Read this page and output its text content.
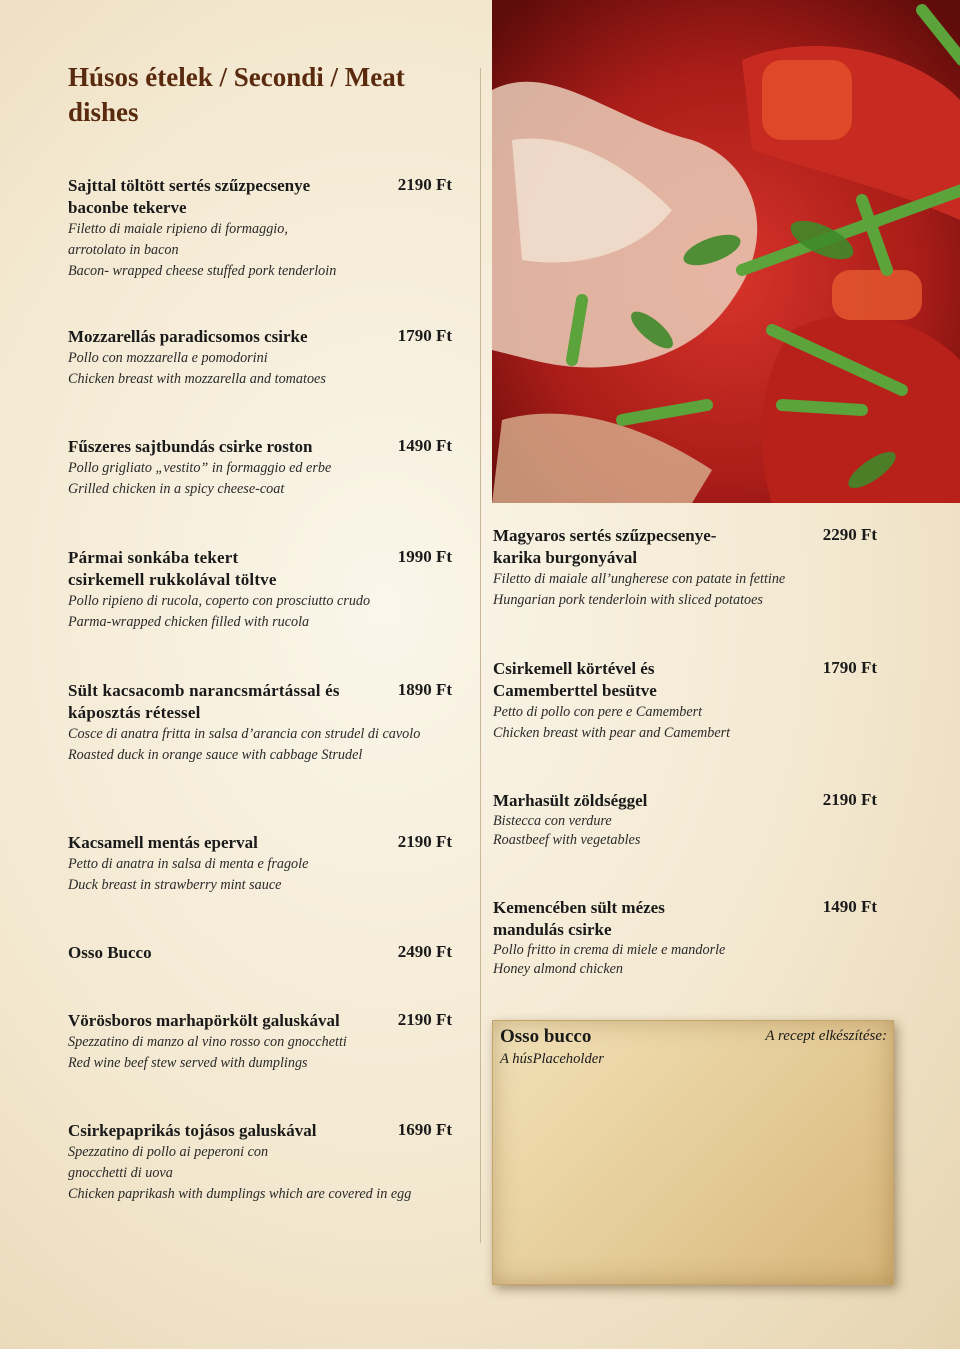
Húsos ételek / Secondi / Meat dishes
Sajttal töltött sertés szűzpecsenye baconbe tekerve
2190 Ft
Filetto di maiale ripieno di formaggio, arrotolato in bacon
Bacon- wrapped cheese stuffed pork tenderloin
Mozzarellás paradicsomos csirke	1790 Ft
Pollo con mozzarella e pomodorini
Chicken breast with mozzarella and tomatoes
Fűszeres sajtbundás csirke roston	1490 Ft
Pollo grigliato „vestito” in formaggio ed erbe
Grilled chicken in a spicy cheese-coat
Pármai sonkába tekert csirkemell rukkolával töltve
1990 Ft
Pollo ripieno di rucola, coperto con prosciutto crudo
Parma-wrapped chicken filled with rucola
Sült kacsacomb narancsmártással és káposztás rétessel
1890 Ft
Cosce di anatra fritta in salsa d’arancia con strudel di cavolo
Roasted duck in orange sauce with cabbage Strudel
Kacsamell mentás eperval	2190 Ft
Petto di anatra in salsa di menta e fragole
Duck breast in strawberry mint sauce
Osso Bucco	2490 Ft
Vörösboros marhapörkölt galuskával	2190 Ft
Spezzatino di manzo al vino rosso con gnocchetti
Red wine beef stew served with dumplings
Csirkepaprikás tojásos galuskával	1690 Ft
Spezzatino di pollo ai peperoni con gnocchetti di uova
Chicken paprikash with dumplings which are covered in egg
Magyaros sertés szűzpecsenye-karika burgonyával
2290 Ft
Filetto di maiale all’ungherese con patate in fettine
Hungarian pork tenderloin with sliced potatoes
Csirkemell körtével és Camemberttel besütve
1790 Ft
Petto di pollo con pere e Camembert
Chicken breast with pear and Camembert
Marhasült zöldséggel	2190 Ft
Bistecca con verdure
Roastbeef with vegetables
Kemencében sült mézes mandulás csirke
1490 Ft
Pollo fritto in crema di miele e mandorle
Honey almond chicken
Osso bucco	A recept elkészítése:
A húsPlaceholder
